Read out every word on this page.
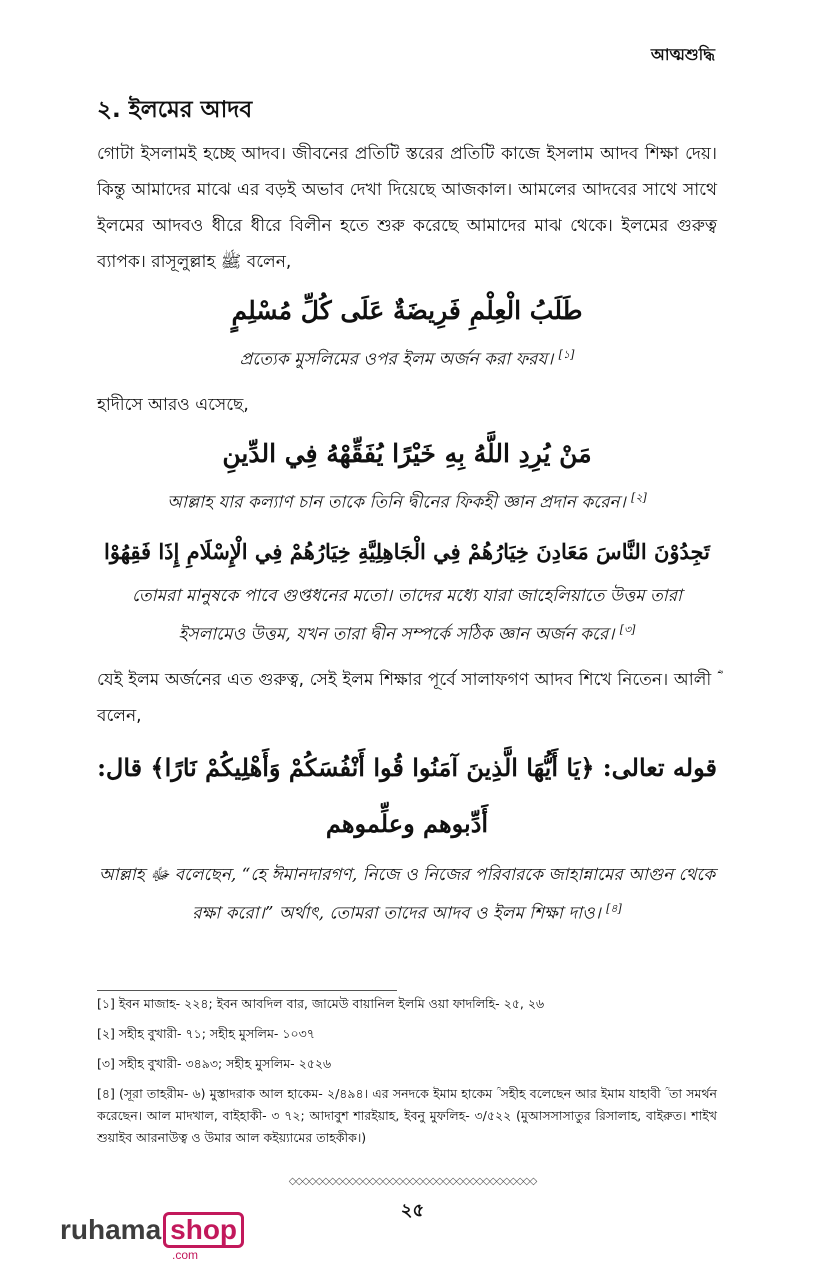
আত্মশুদ্ধি
২. ইলমের আদব

গোটা ইসলামই হচ্ছে আদব। জীবনের প্রতিটি স্তরের প্রতিটি কাজে ইসলাম আদব শিক্ষা দেয়। কিন্তু আমাদের মাঝে এর বড়ই অভাব দেখা দিয়েছে আজকাল। আমলের আদবের সাথে সাথে ইলমের আদবও ধীরে ধীরে বিলীন হতে শুরু করেছে আমাদের মাঝ থেকে। ইলমের গুরুত্ব ব্যাপক। রাসূলুল্লাহ ﷺ বলেন,

طَلَبُ الْعِلْمِ فَرِيضَةٌ عَلَى كُلِّ مُسْلِمٍ

প্রত্যেক মুসলিমের ওপর ইলম অর্জন করা ফরয। [১]

হাদীসে আরও এসেছে,

مَنْ يُرِدِ اللَّهُ بِهِ خَيْرًا يُفَقِّهْهُ فِي الدِّينِ

আল্লাহ যার কল্যাণ চান তাকে তিনি দ্বীনের ফিকহী জ্ঞান প্রদান করেন। [২]

تَجِدُوْنَ النَّاسَ مَعَادِنَ خِيَارُهُمْ فِي الْجَاهِلِيَّةِ خِيَارُهُمْ فِي الْإِسْلَامِ إِذَا فَقِهُوْا

তোমরা মানুষকে পাবে গুপ্তধনের মতো। তাদের মধ্যে যারা জাহেলিয়াতে উত্তম তারা ইসলামেও উত্তম, যখন তারা দ্বীন সম্পর্কে সঠিক জ্ঞান অর্জন করে। [৩]

যেই ইলম অর্জনের এত গুরুত্ব, সেই ইলম শিক্ষার পূর্বে সালাফগণ আদব শিখে নিতেন। আলী ؓ বলেন,

قوله تعالى: ﴿يَا أَيُّهَا الَّذِينَ آمَنُوا قُوا أَنْفُسَكُمْ وَأَهْلِيكُمْ نَارًا﴾ قال: أَدِّبوهم وعلِّموهم

আল্লাহ ﷻ বলেছেন, “হে ঈমানদারগণ, নিজে ও নিজের পরিবারকে জাহান্নামের আগুন থেকে রক্ষা করো।” অর্থাৎ, তোমরা তাদের আদব ও ইলম শিক্ষা দাও। [৪]

[১] ইবন মাজাহ- ২২৪; ইবন আবদিল বার, জামেউ বায়ানিল ইলমি ওয়া ফাদলিহি- ২৫, ২৬

[২] সহীহ বুখারী- ৭১; সহীহ মুসলিম- ১০৩৭

[৩] সহীহ বুখারী- ৩৪৯৩; সহীহ মুসলিম- ২৫২৬

[৪] (সূরা তাহরীম- ৬) মুস্তাদরাক আল হাকেম- ২/৪৯৪। এর সনদকে ইমাম হাকেম ؒ সহীহ বলেছেন আর ইমাম যাহাবী ؒ তা সমর্থন করেছেন। আল মাদখাল, বাইহাকী- ৩ ৭২; আদাবুশ শারইয়াহ, ইবনু মুফলিহ- ৩/৫২২ (মুআসসাসাতুর রিসালাহ, বাইরুত। শাইখ শুয়াইব আরনাউত্ব ও উমার আল কইয়্যামের তাহকীক।)

◇◇◇◇◇◇◇◇◇◇◇◇◇◇◇◇◇◇◇◇◇◇◇◇◇◇◇◇◇◇◇◇◇◇◇◇◇
২৫
ruhama shop
.com
